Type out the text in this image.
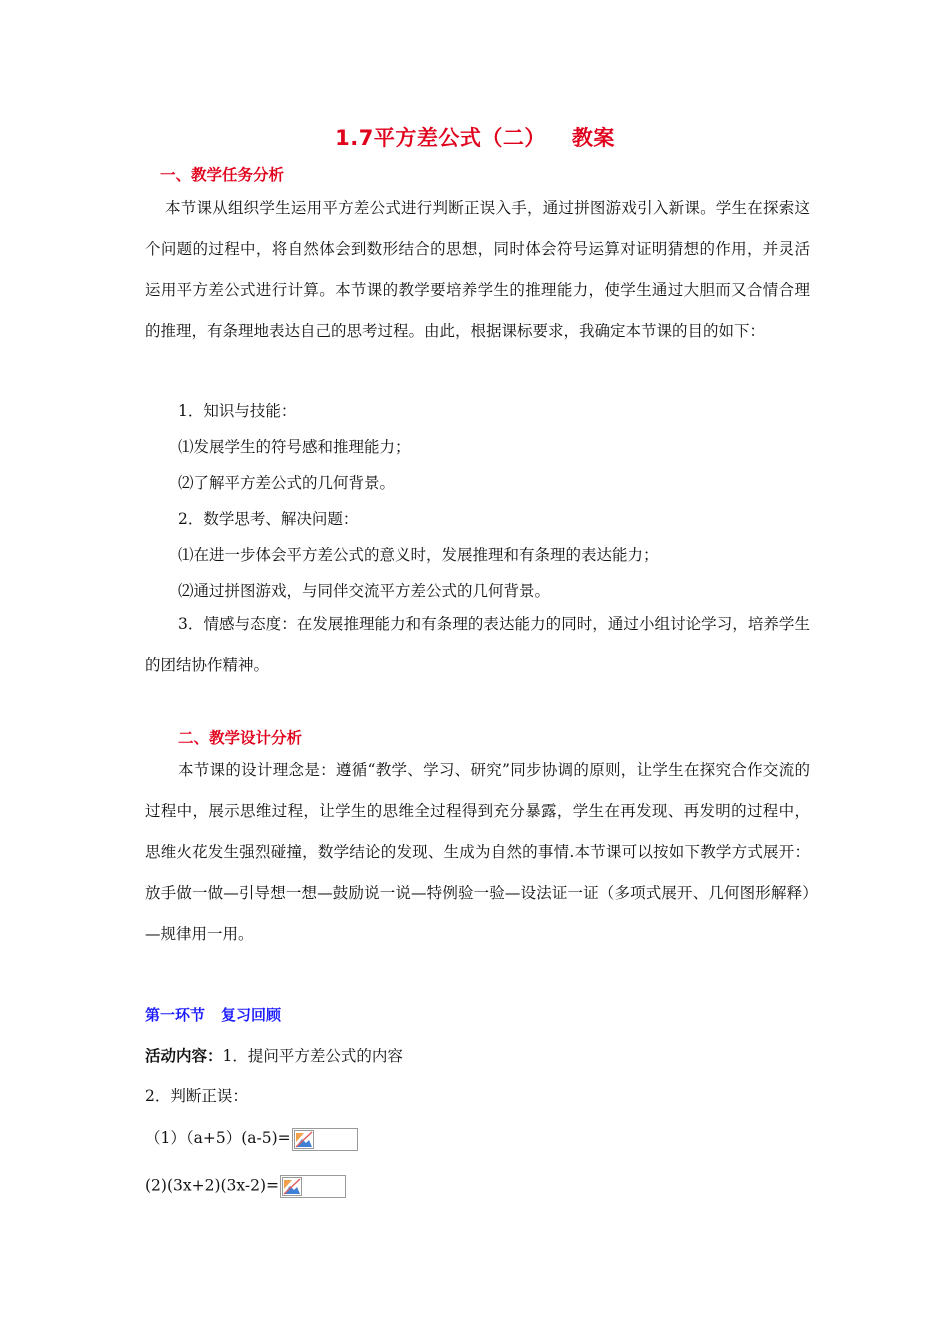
1.7平方差公式（二） 教案
一、教学任务分析
本节课从组织学生运用平方差公式进行判断正误入手，通过拼图游戏引入新课。学生在探索这个问题的过程中，将自然体会到数形结合的思想，同时体会符号运算对证明猜想的作用，并灵活运用平方差公式进行计算。本节课的教学要培养学生的推理能力，使学生通过大胆而又合情合理的推理，有条理地表达自己的思考过程。由此，根据课标要求，我确定本节课的目的如下：
1．知识与技能：
⑴发展学生的符号感和推理能力；
⑵了解平方差公式的几何背景。
2．数学思考、解决问题：
⑴在进一步体会平方差公式的意义时，发展推理和有条理的表达能力；
⑵通过拼图游戏，与同伴交流平方差公式的几何背景。
3．情感与态度：在发展推理能力和有条理的表达能力的同时，通过小组讨论学习，培养学生的团结协作精神。
二、教学设计分析
本节课的设计理念是：遵循“教学、学习、研究”同步协调的原则，让学生在探究合作交流的过程中，展示思维过程，让学生的思维全过程得到充分暴露，学生在再发现、再发明的过程中，思维火花发生强烈碰撞，数学结论的发现、生成为自然的事情.本节课可以按如下教学方式展开：放手做一做—引导想一想—鼓励说一说—特例验一验—设法证一证（多项式展开、几何图形解释）—规律用一用。
第一环节 复习回顾
活动内容：1．提问平方差公式的内容
2．判断正误：
（1）（a+5）(a-5)=
(2)(3x+2)(3x-2)=
